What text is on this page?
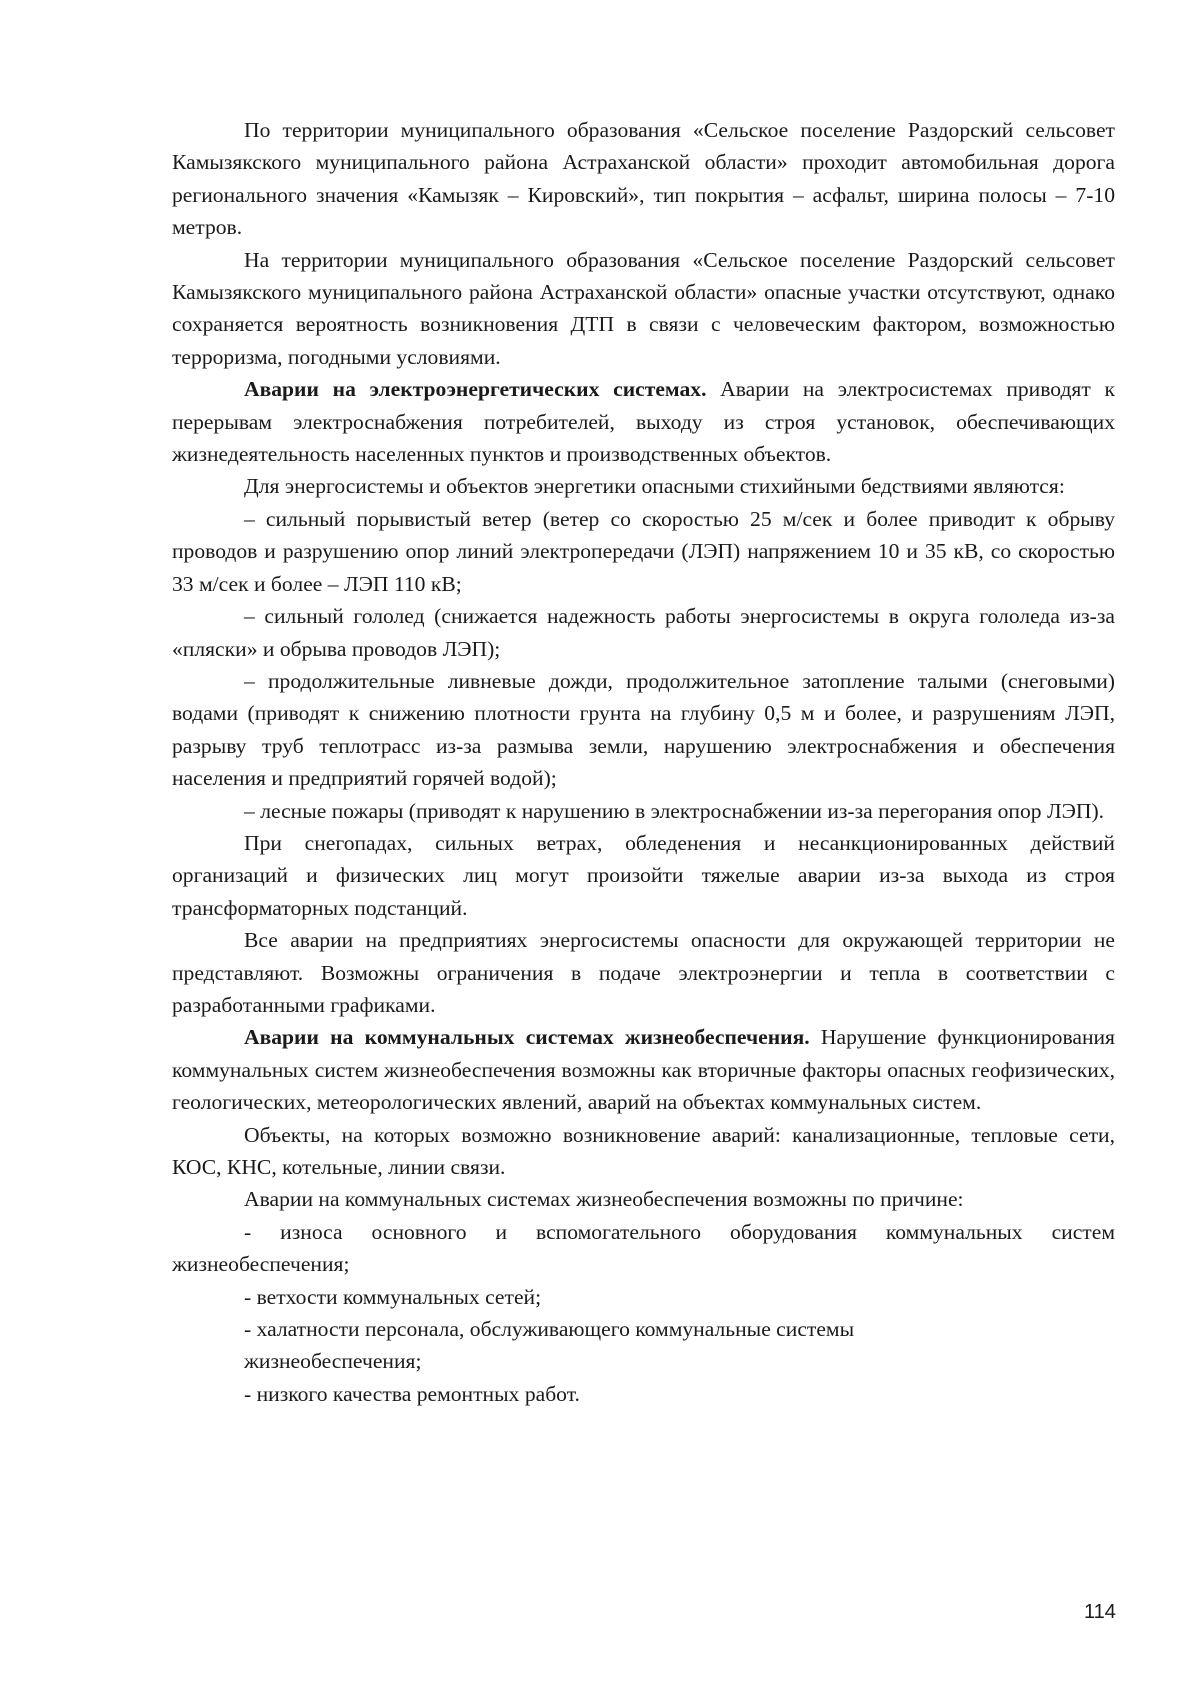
По территории муниципального образования «Сельское поселение Раздорский сельсовет Камызякского муниципального района Астраханской области» проходит автомобильная дорога регионального значения «Камызяк – Кировский», тип покрытия – асфальт, ширина полосы – 7-10 метров.

На территории муниципального образования «Сельское поселение Раздорский сельсовет Камызякского муниципального района Астраханской области» опасные участки отсутствуют, однако сохраняется вероятность возникновения ДТП в связи с человеческим фактором, возможностью терроризма, погодными условиями.

Аварии на электроэнергетических системах. Аварии на электросистемах приводят к перерывам электроснабжения потребителей, выходу из строя установок, обеспечивающих жизнедеятельность населенных пунктов и производственных объектов.

Для энергосистемы и объектов энергетики опасными стихийными бедствиями являются:

– сильный порывистый ветер (ветер со скоростью 25 м/сек и более приводит к обрыву проводов и разрушению опор линий электропередачи (ЛЭП) напряжением 10 и 35 кВ, со скоростью 33 м/сек и более – ЛЭП 110 кВ;

– сильный гололед (снижается надежность работы энергосистемы в округа гололеда из-за «пляски» и обрыва проводов ЛЭП);

– продолжительные ливневые дожди, продолжительное затопление талыми (снеговыми) водами (приводят к снижению плотности грунта на глубину 0,5 м и более, и разрушениям ЛЭП, разрыву труб теплотрасс из-за размыва земли, нарушению электроснабжения и обеспечения населения и предприятий горячей водой);

– лесные пожары (приводят к нарушению в электроснабжении из-за перегорания опор ЛЭП).

При снегопадах, сильных ветрах, обледенения и несанкционированных действий организаций и физических лиц могут произойти тяжелые аварии из-за выхода из строя трансформаторных подстанций.

Все аварии на предприятиях энергосистемы опасности для окружающей территории не представляют. Возможны ограничения в подаче электроэнергии и тепла в соответствии с разработанными графиками.

Аварии на коммунальных системах жизнеобеспечения. Нарушение функционирования коммунальных систем жизнеобеспечения возможны как вторичные факторы опасных геофизических, геологических, метеорологических явлений, аварий на объектах коммунальных систем.

Объекты, на которых возможно возникновение аварий: канализационные, тепловые сети, КОС, КНС, котельные, линии связи.

Аварии на коммунальных системах жизнеобеспечения возможны по причине:

- износа основного и вспомогательного оборудования коммунальных систем жизнеобеспечения;

- ветхости коммунальных сетей;

- халатности персонала, обслуживающего коммунальные системы

жизнеобеспечения;

- низкого качества ремонтных работ.

114
